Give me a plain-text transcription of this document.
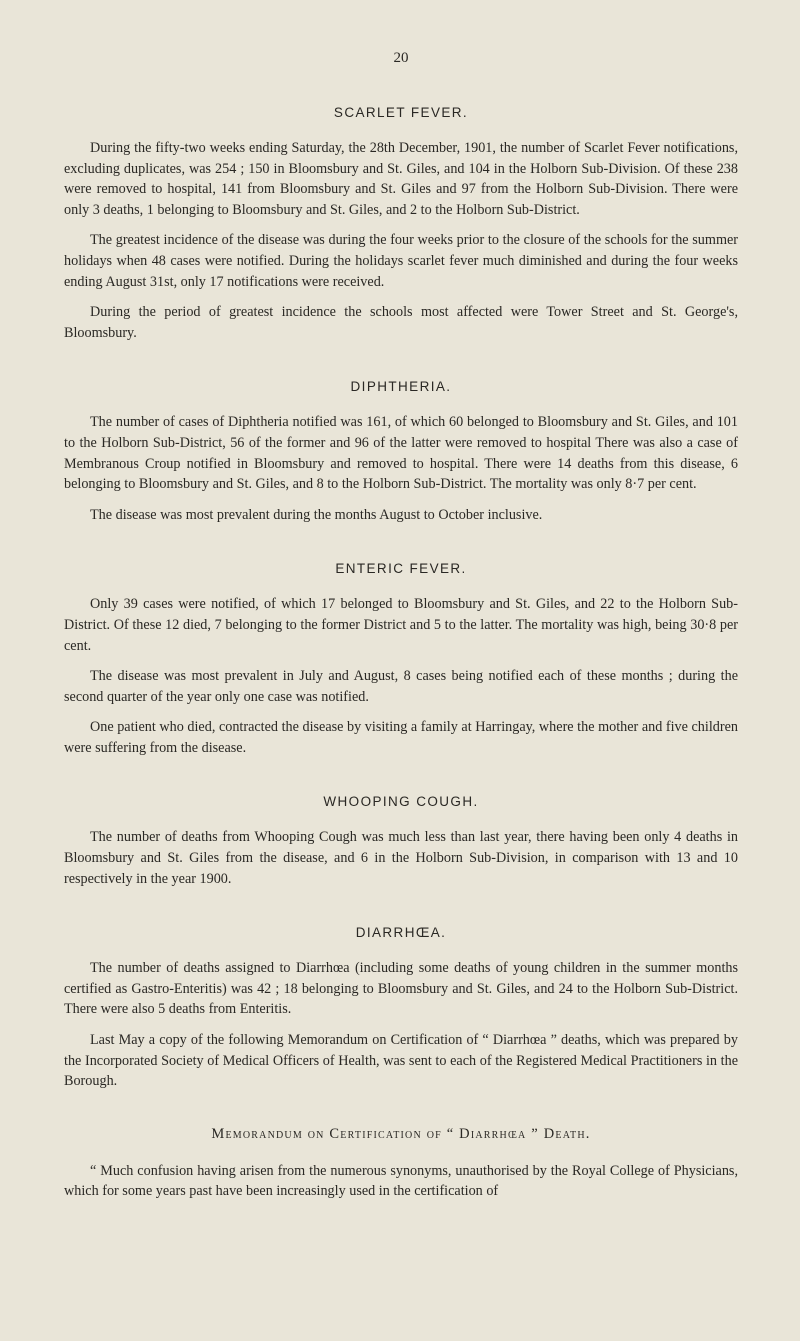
20
SCARLET FEVER.

During the fifty-two weeks ending Saturday, the 28th December, 1901, the number of Scarlet Fever notifications, excluding duplicates, was 254 ; 150 in Bloomsbury and St. Giles, and 104 in the Holborn Sub-Division. Of these 238 were removed to hospital, 141 from Bloomsbury and St. Giles and 97 from the Holborn Sub-Division. There were only 3 deaths, 1 belonging to Bloomsbury and St. Giles, and 2 to the Holborn Sub-District.

The greatest incidence of the disease was during the four weeks prior to the closure of the schools for the summer holidays when 48 cases were notified. During the holidays scarlet fever much diminished and during the four weeks ending August 31st, only 17 notifications were received.

During the period of greatest incidence the schools most affected were Tower Street and St. George's, Bloomsbury.

DIPHTHERIA.

The number of cases of Diphtheria notified was 161, of which 60 belonged to Bloomsbury and St. Giles, and 101 to the Holborn Sub-District, 56 of the former and 96 of the latter were removed to hospital There was also a case of Membranous Croup notified in Bloomsbury and removed to hospital. There were 14 deaths from this disease, 6 belonging to Bloomsbury and St. Giles, and 8 to the Holborn Sub-District. The mortality was only 8·7 per cent.

The disease was most prevalent during the months August to October inclusive.

ENTERIC FEVER.

Only 39 cases were notified, of which 17 belonged to Bloomsbury and St. Giles, and 22 to the Holborn Sub-District. Of these 12 died, 7 belonging to the former District and 5 to the latter. The mortality was high, being 30·8 per cent.

The disease was most prevalent in July and August, 8 cases being notified each of these months ; during the second quarter of the year only one case was notified.

One patient who died, contracted the disease by visiting a family at Harringay, where the mother and five children were suffering from the disease.

WHOOPING COUGH.

The number of deaths from Whooping Cough was much less than last year, there having been only 4 deaths in Bloomsbury and St. Giles from the disease, and 6 in the Holborn Sub-Division, in comparison with 13 and 10 respectively in the year 1900.

DIARRHŒA.

The number of deaths assigned to Diarrhœa (including some deaths of young children in the summer months certified as Gastro-Enteritis) was 42 ; 18 belonging to Bloomsbury and St. Giles, and 24 to the Holborn Sub-District. There were also 5 deaths from Enteritis.

Last May a copy of the following Memorandum on Certification of “ Diarrhœa ” deaths, which was prepared by the Incorporated Society of Medical Officers of Health, was sent to each of the Registered Medical Practitioners in the Borough.

Memorandum on Certification of “ Diarrhœa ” Death.

“ Much confusion having arisen from the numerous synonyms, unauthorised by the Royal College of Physicians, which for some years past have been increasingly used in the certification of
